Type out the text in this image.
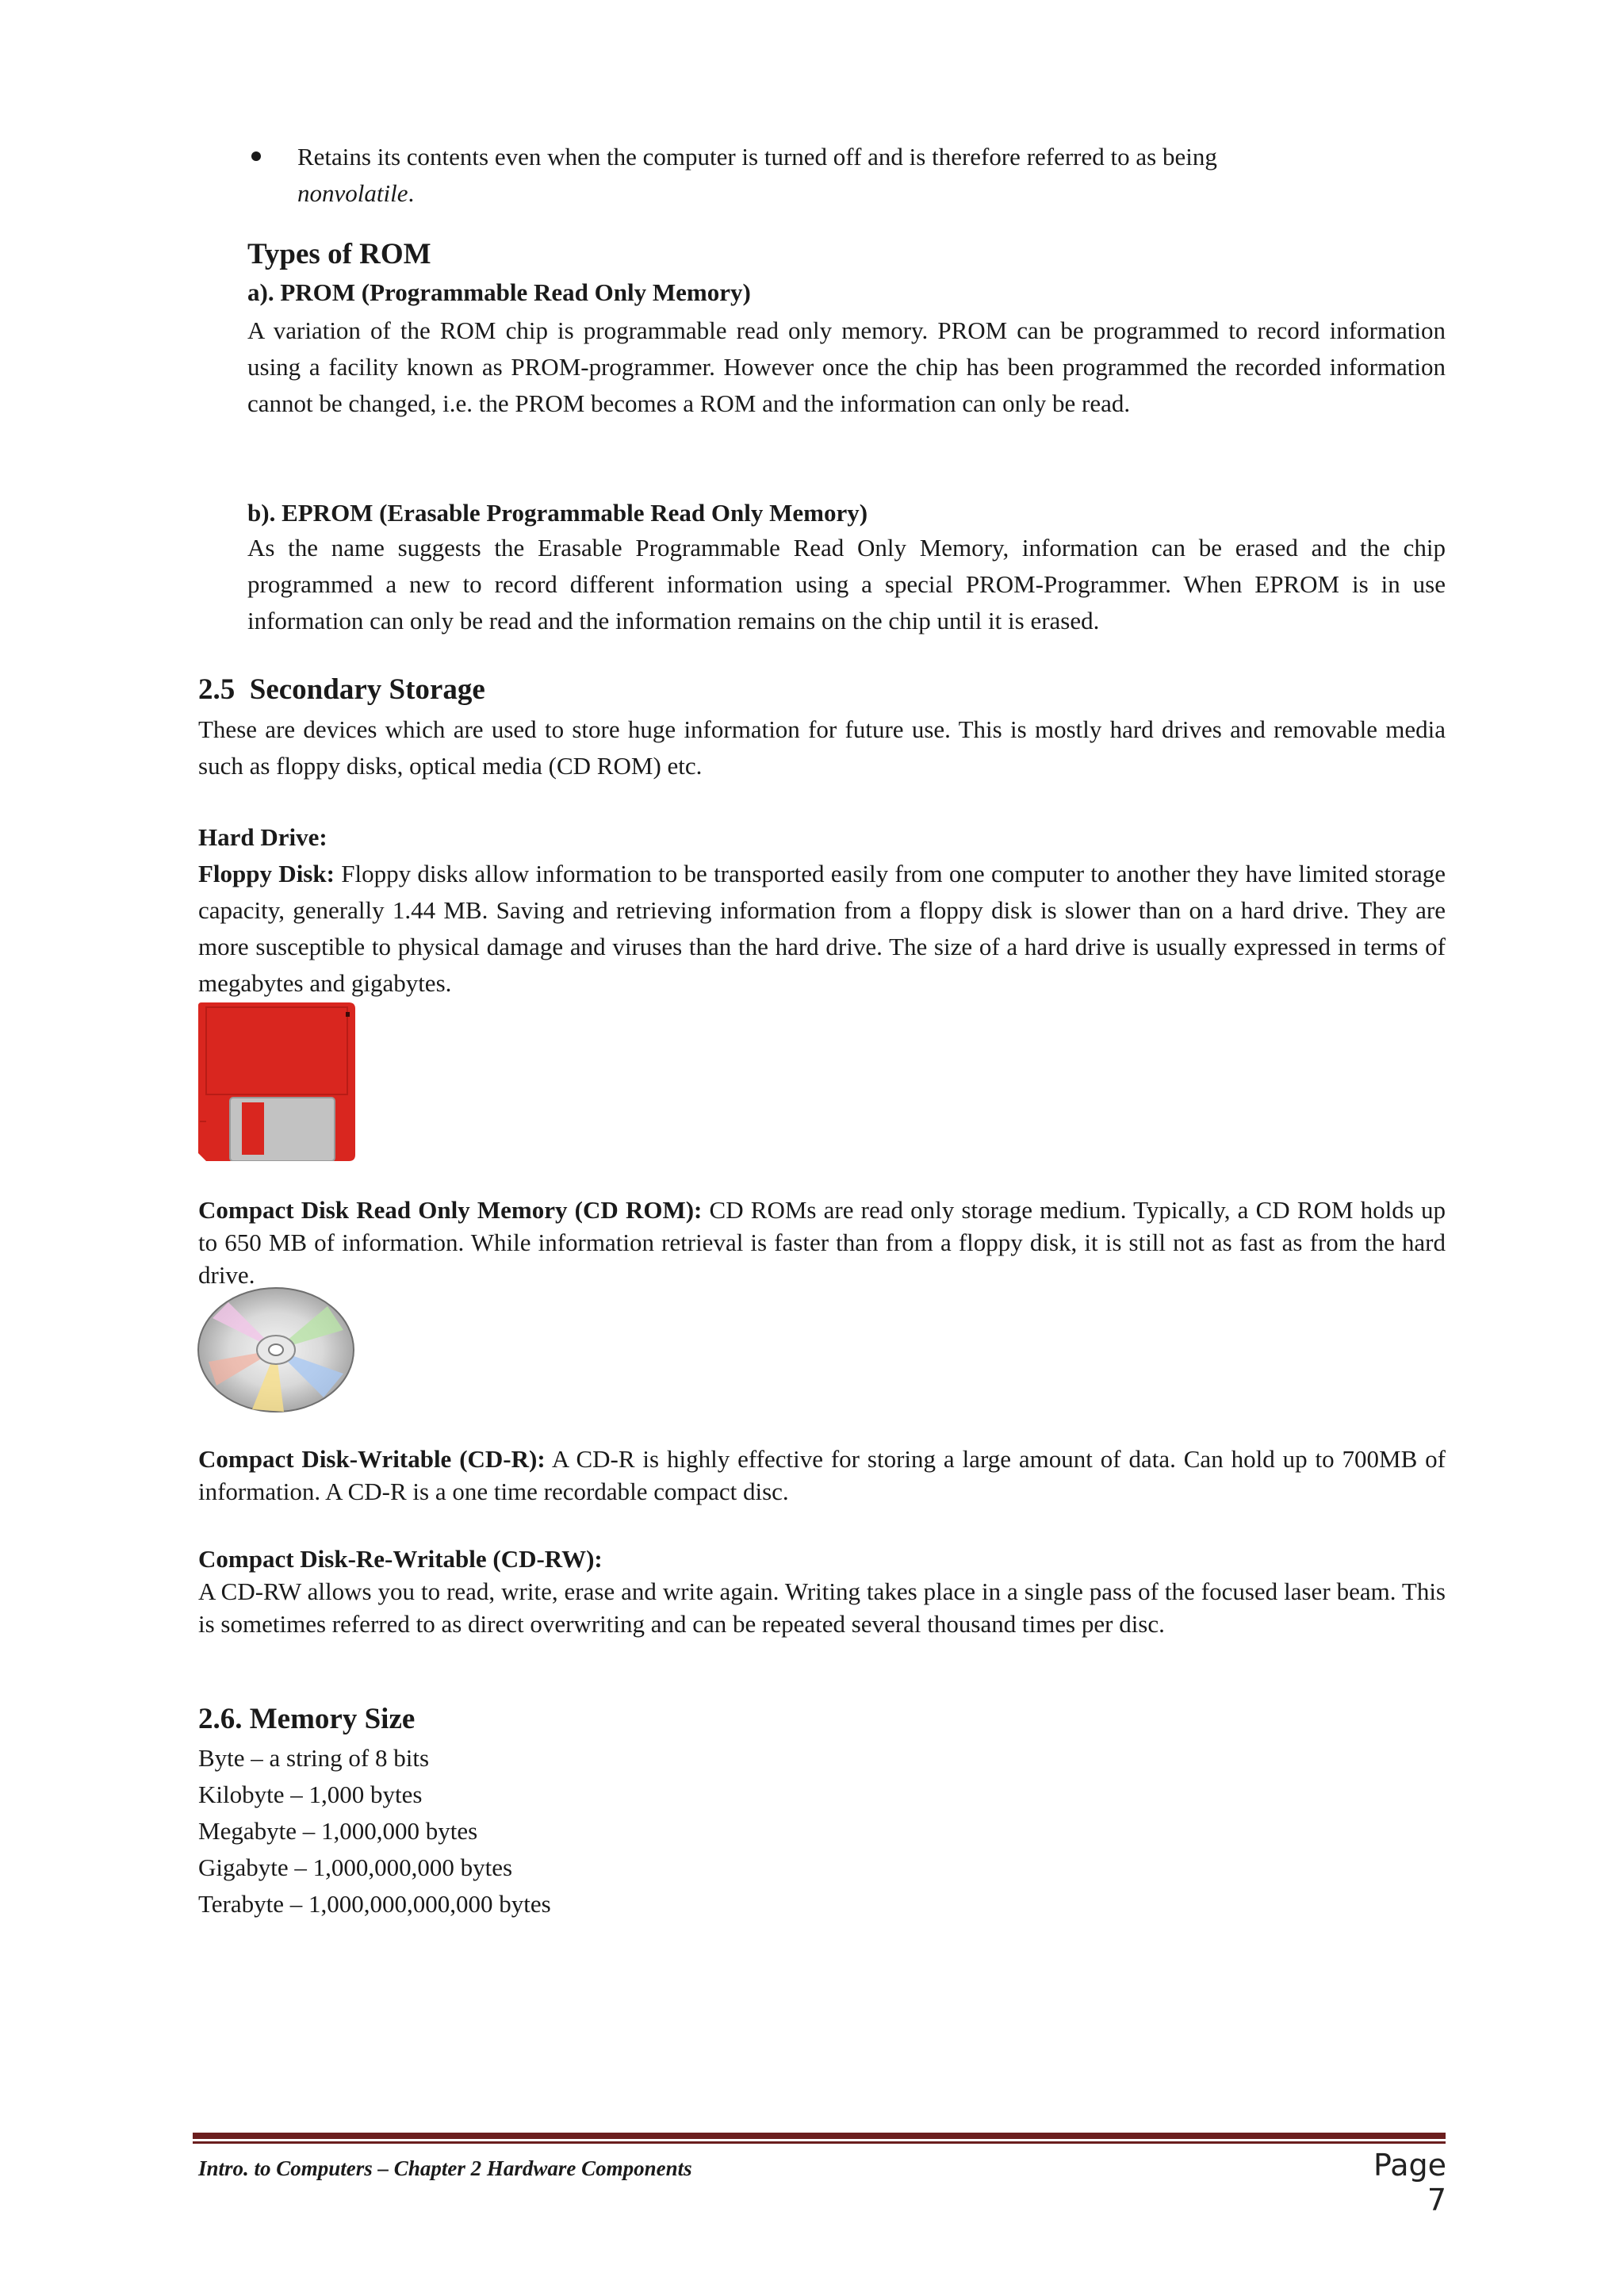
Retains its contents even when the computer is turned off and is therefore referred to as being
nonvolatile.

Types of ROM
a). PROM (Programmable Read Only Memory)

A variation of the ROM chip is programmable read only memory. PROM can be programmed to record information using a facility known as PROM-programmer. However once the chip has been programmed the recorded information cannot be changed, i.e. the PROM becomes a ROM and the information can only be read.

b). EPROM (Erasable Programmable Read Only Memory)

As the name suggests the Erasable Programmable Read Only Memory, information can be erased and the chip programmed a new to record different information using a special PROM-Programmer. When EPROM is in use information can only be read and the information remains on the chip until it is erased.

2.5  Secondary Storage

These are devices which are used to store huge information for future use. This is mostly hard drives and removable media such as floppy disks, optical media (CD ROM) etc.

Hard Drive:

Floppy Disk: Floppy disks allow information to be transported easily from one computer to another they have limited storage capacity, generally 1.44 MB. Saving and retrieving information from a floppy disk is slower than on a hard drive. They are more susceptible to physical damage and viruses than the hard drive. The size of a hard drive is usually expressed in terms of megabytes and gigabytes.

Compact Disk Read Only Memory (CD ROM): CD ROMs are read only storage medium. Typically, a CD ROM holds up to 650 MB of information. While information retrieval is faster than from a floppy disk, it is still not as fast as from the hard drive.

Compact Disk-Writable (CD-R): A CD-R is highly effective for storing a large amount of data. Can hold up to 700MB of information. A CD-R is a one time recordable compact disc.

Compact Disk-Re-Writable (CD-RW):

A CD-RW allows you to read, write, erase and write again. Writing takes place in a single pass of the focused laser beam. This is sometimes referred to as direct overwriting and can be repeated several thousand times per disc.

2.6. Memory Size
Byte – a string of 8 bits
Kilobyte – 1,000 bytes
Megabyte – 1,000,000 bytes
Gigabyte – 1,000,000,000 bytes
Terabyte – 1,000,000,000,000 bytes
Intro. to Computers – Chapter 2 Hardware Components	Page 7
